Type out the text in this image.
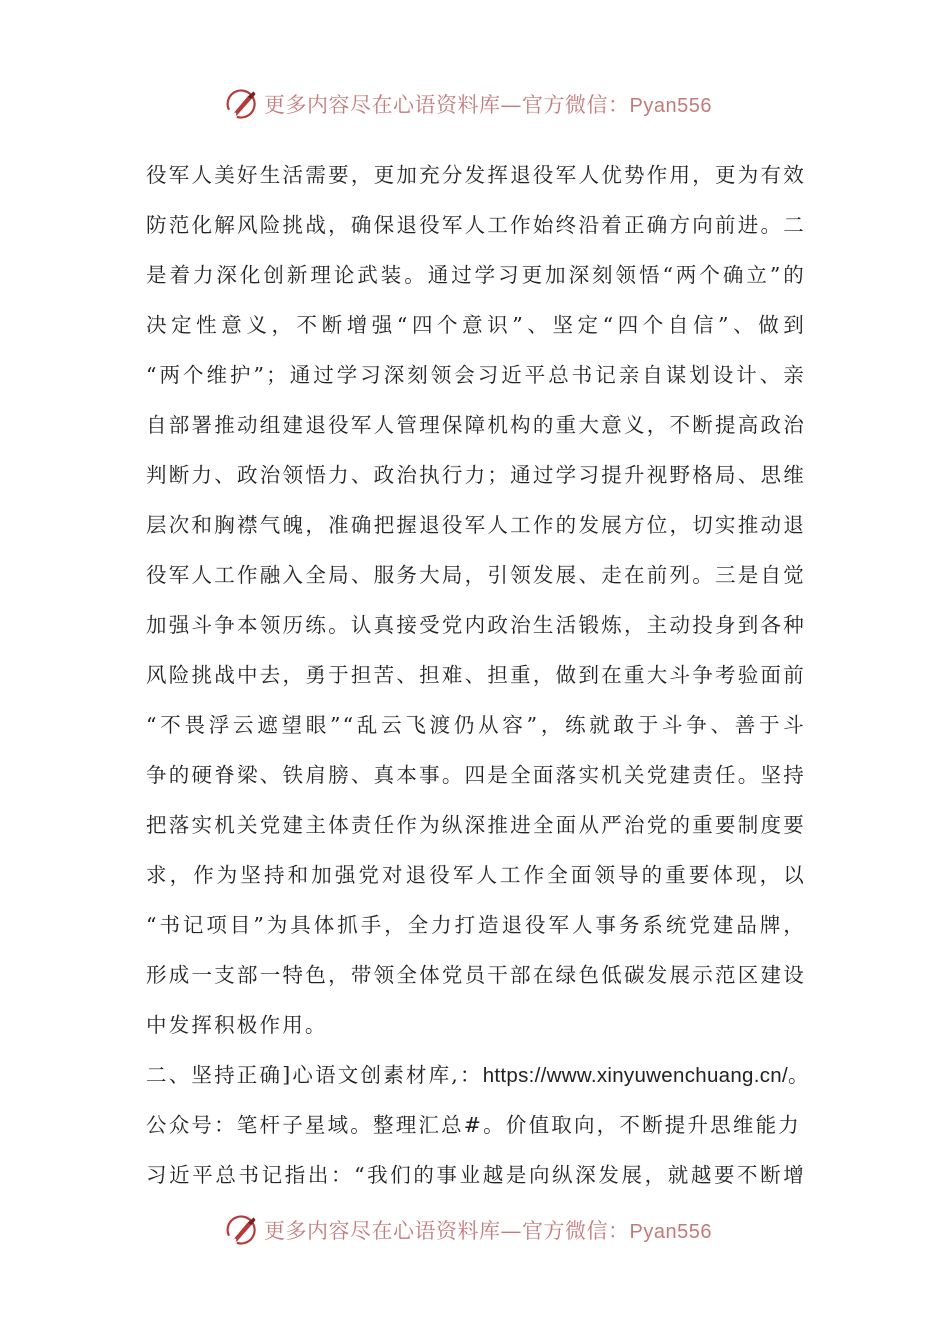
更多内容尽在心语资料库—官方微信：Pyan556
役军人美好生活需要，更加充分发挥退役军人优势作用，更为有效
防范化解风险挑战，确保退役军人工作始终沿着正确方向前进。二
是着力深化创新理论武装。通过学习更加深刻领悟“两个确立”的
决定性意义，不断增强“四个意识”、坚定“四个自信”、做到
“两个维护”；通过学习深刻领会习近平总书记亲自谋划设计、亲
自部署推动组建退役军人管理保障机构的重大意义，不断提高政治
判断力、政治领悟力、政治执行力；通过学习提升视野格局、思维
层次和胸襟气魄，准确把握退役军人工作的发展方位，切实推动退
役军人工作融入全局、服务大局，引领发展、走在前列。三是自觉
加强斗争本领历练。认真接受党内政治生活锻炼，主动投身到各种
风险挑战中去，勇于担苦、担难、担重，做到在重大斗争考验面前
“不畏浮云遮望眼”“乱云飞渡仍从容”，练就敢于斗争、善于斗
争的硬脊梁、铁肩膀、真本事。四是全面落实机关党建责任。坚持
把落实机关党建主体责任作为纵深推进全面从严治党的重要制度要
求，作为坚持和加强党对退役军人工作全面领导的重要体现，以
“书记项目”为具体抓手，全力打造退役军人事务系统党建品牌，
形成一支部一特色，带领全体党员干部在绿色低碳发展示范区建设
中发挥积极作用。
二、坚持正确]心语文创素材库,：https://www.xinyuwenchuang.cn/。
公众号：笔杆子星域。整理汇总#。价值取向，不断提升思维能力
习近平总书记指出：“我们的事业越是向纵深发展，就越要不断增
更多内容尽在心语资料库—官方微信：Pyan556
